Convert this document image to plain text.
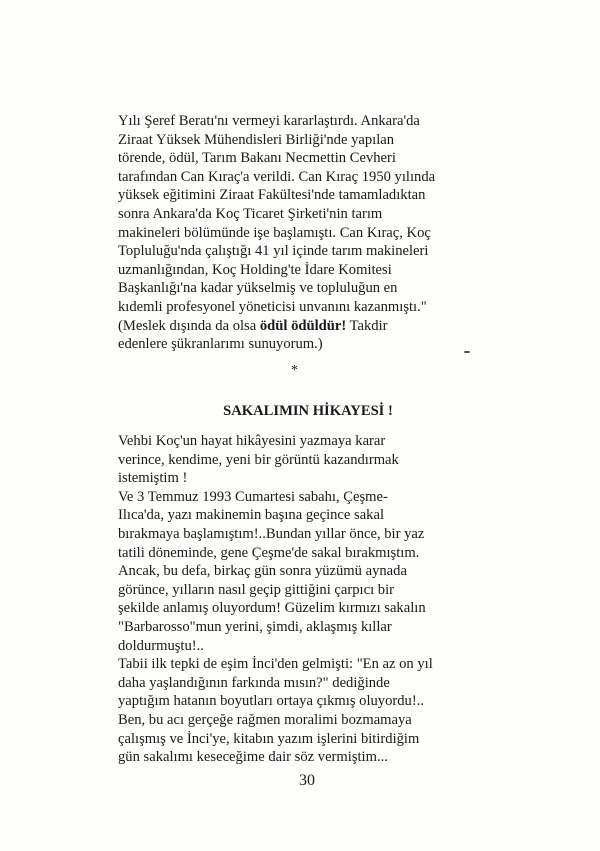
Yılı Şeref Beratı'nı vermeyi kararlaştırdı. Ankara'da
Ziraat Yüksek Mühendisleri Birliği'nde yapılan
törende, ödül, Tarım Bakanı Necmettin Cevheri
tarafından Can Kıraç'a verildi. Can Kıraç 1950 yılında
yüksek eğitimini Ziraat Fakültesi'nde tamamladıktan
sonra Ankara'da Koç Ticaret Şirketi'nin tarım
makineleri bölümünde işe başlamıştı. Can Kıraç, Koç
Topluluğu'nda çalıştığı 41 yıl içinde tarım makineleri
uzmanlığından, Koç Holding'te İdare Komitesi
Başkanlığı'na kadar yükselmiş ve topluluğun en
kıdemli profesyonel yöneticisi unvanını kazanmıştı."
(Meslek dışında da olsa ödül ödüldür! Takdir
edenlere şükranlarımı sunuyorum.)
*
SAKALIMIN HİKAYESİ !
Vehbi Koç'un hayat hikâyesini yazmaya karar
verince, kendime, yeni bir görüntü kazandırmak
istemiştim !
Ve 3 Temmuz 1993 Cumartesi sabahı, Çeşme-
Ilıca'da, yazı makinemin başına geçince sakal
bırakmaya başlamıştım!..Bundan yıllar önce, bir yaz
tatili döneminde, gene Çeşme'de sakal bırakmıştım.
Ancak, bu defa, birkaç gün sonra yüzümü aynada
görünce, yılların nasıl geçip gittiğini çarpıcı bir
şekilde anlamış oluyordum! Güzelim kırmızı sakalın
"Barbarosso"mun yerini, şimdi, aklaşmış kıllar
doldurmuştu!..
Tabii ilk tepki de eşim İnci'den gelmişti: "En az on yıl
daha yaşlandığının farkında mısın?" dediğinde
yaptığım hatanın boyutları ortaya çıkmış oluyordu!..
Ben, bu acı gerçeğe rağmen moralimi bozmamaya
çalışmış ve İnci'ye, kitabın yazım işlerini bitirdiğim
gün sakalımı keseceğime dair söz vermiştim...
30
